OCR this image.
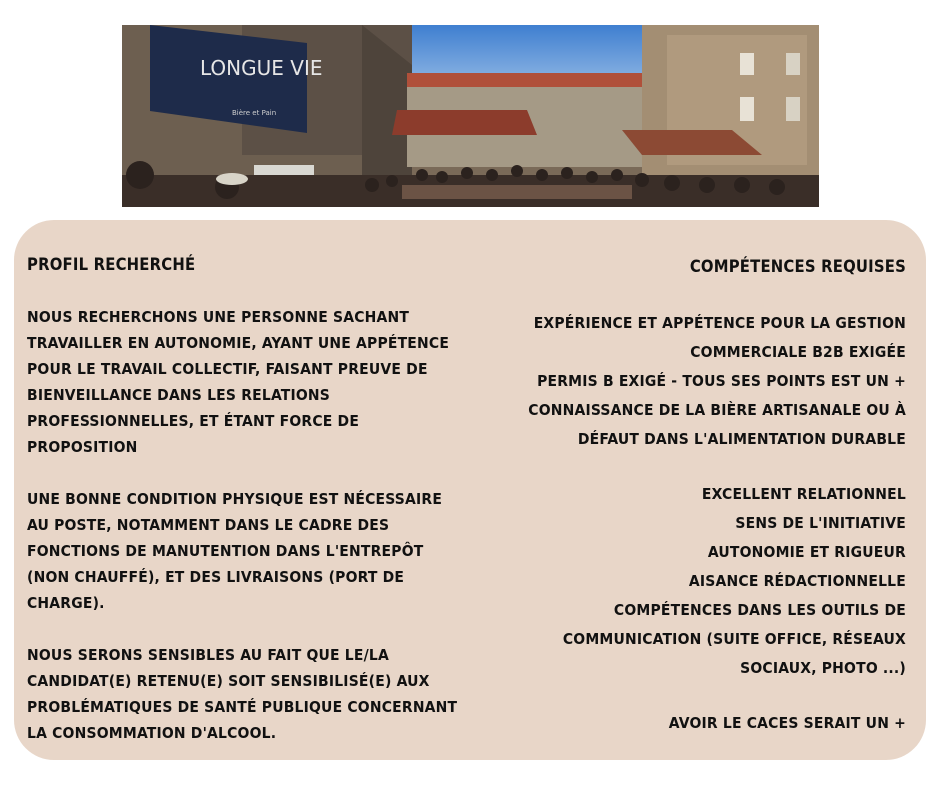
LONGUE VIE
Bière et Pain

PROFIL RECHERCHÉ

NOUS RECHERCHONS UNE PERSONNE SACHANT TRAVAILLER EN AUTONOMIE, AYANT UNE APPÉTENCE POUR LE TRAVAIL COLLECTIF, FAISANT PREUVE DE BIENVEILLANCE DANS LES RELATIONS PROFESSIONNELLES, ET ÉTANT FORCE DE PROPOSITION

UNE BONNE CONDITION PHYSIQUE EST NÉCESSAIRE AU POSTE, NOTAMMENT DANS LE CADRE DES FONCTIONS DE MANUTENTION DANS L'ENTREPÔT (NON CHAUFFÉ), ET DES LIVRAISONS (PORT DE CHARGE).

NOUS SERONS SENSIBLES AU FAIT QUE LE/LA CANDIDAT(E) RETENU(E) SOIT SENSIBILISÉ(E) AUX PROBLÉMATIQUES DE SANTÉ PUBLIQUE CONCERNANT LA CONSOMMATION D'ALCOOL.

COMPÉTENCES REQUISES

EXPÉRIENCE ET APPÉTENCE POUR LA GESTION

COMMERCIALE B2B EXIGÉE

PERMIS B EXIGÉ - TOUS SES POINTS EST UN +

CONNAISSANCE DE LA BIÈRE ARTISANALE OU À

DÉFAUT DANS L'ALIMENTATION DURABLE

EXCELLENT RELATIONNEL

SENS DE L'INITIATIVE

AUTONOMIE ET RIGUEUR

AISANCE RÉDACTIONNELLE

COMPÉTENCES DANS LES OUTILS DE

COMMUNICATION (SUITE OFFICE, RÉSEAUX

SOCIAUX, PHOTO ...)

AVOIR LE CACES SERAIT UN +
